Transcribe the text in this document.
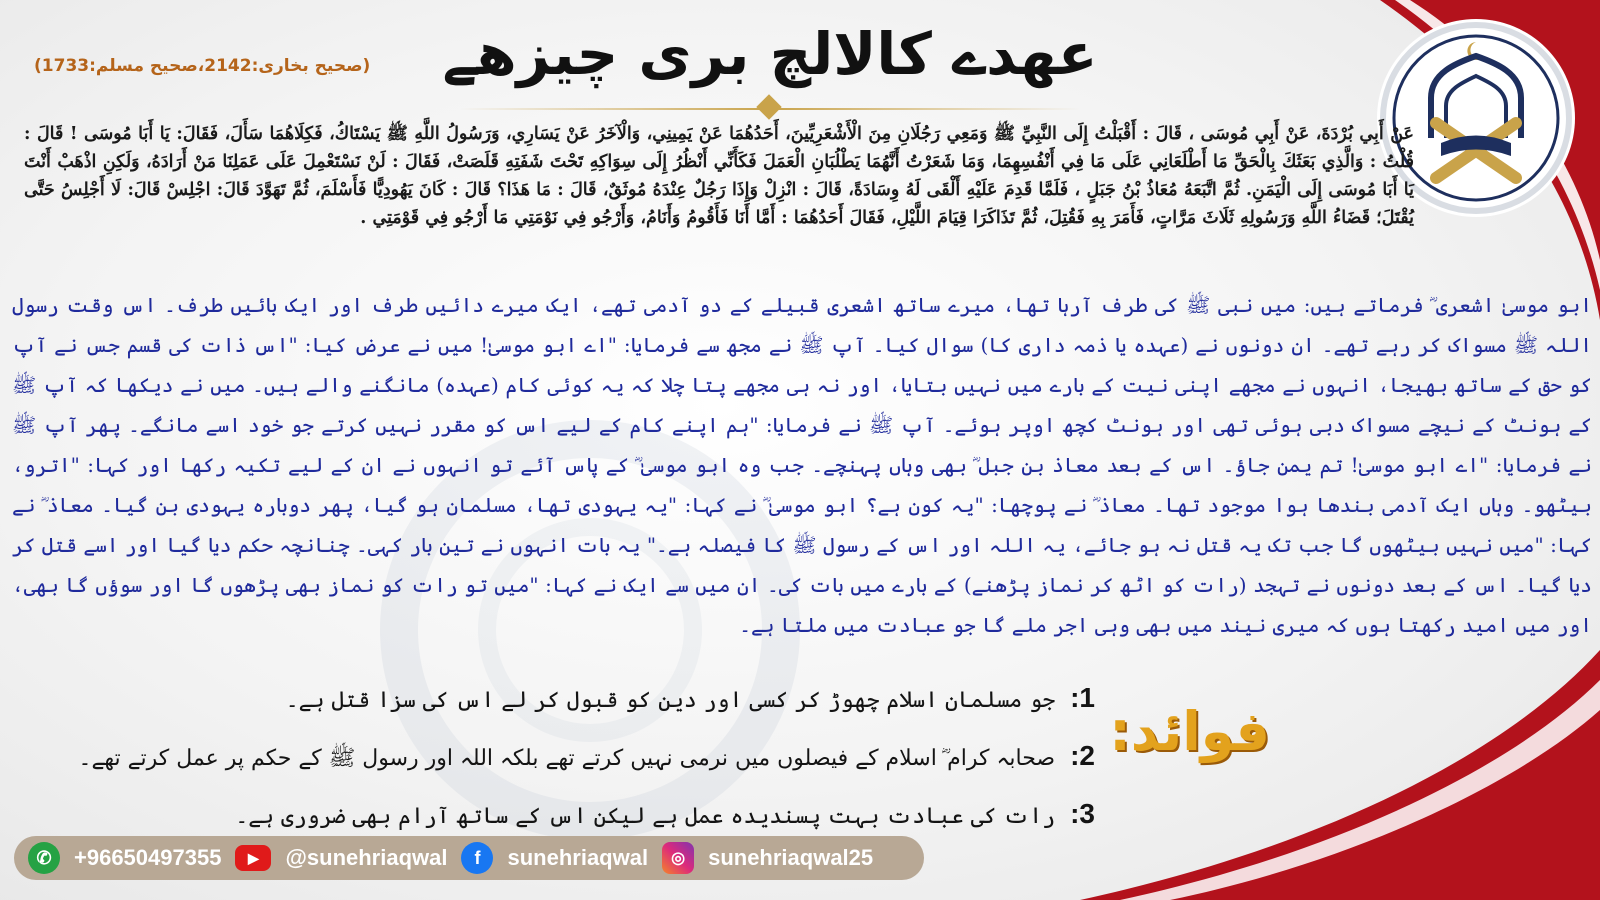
(صحیح بخاری:2142،صحیح مسلم:1733)	عھدے کالالچ بری چیزھے
عَنْ أَبِي بُرْدَةَ، عَنْ أَبِي مُوسَى ، قَالَ : أَقْبَلْتُ إِلَى النَّبِيِّ ﷺ وَمَعِي رَجُلَانِ مِنَ الْأَشْعَرِيِّينَ، أَحَدُهُمَا عَنْ يَمِينِي، وَالْآخَرُ عَنْ يَسَارِي، وَرَسُولُ اللَّهِ ﷺ يَسْتَاكُ، فَكِلَاهُمَا سَأَلَ، فَقَالَ: يَا أَبَا مُوسَى ! قَالَ : قُلْتُ : وَالَّذِي بَعَثَكَ بِالْحَقِّ مَا أَطْلَعَانِي عَلَى مَا فِي أَنْفُسِهِمَا، وَمَا شَعَرْتُ أَنَّهُمَا يَطْلُبَانِ الْعَمَلَ فَكَأَنِّي أَنْظُرُ إِلَى سِوَاكِهِ تَحْتَ شَفَتِهِ قَلَصَتْ، فَقَالَ : لَنْ نَسْتَعْمِلَ عَلَى عَمَلِنَا مَنْ أَرَادَهُ، وَلَكِنِ اذْهَبْ أَنْتَ يَا أَبَا مُوسَى إِلَى الْيَمَنِ. ثُمَّ اتَّبَعَهُ مُعَاذُ بْنُ جَبَلٍ ، فَلَمَّا قَدِمَ عَلَيْهِ أَلْقَى لَهُ وِسَادَةً، قَالَ : انْزِلْ وَإِذَا رَجُلٌ عِنْدَهُ مُوثَقٌ، قَالَ : مَا هَذَا؟ قَالَ : كَانَ يَهُودِيًّا فَأَسْلَمَ، ثُمَّ تَهَوَّدَ قَالَ: اجْلِسْ قَالَ: لَا أَجْلِسُ حَتَّى يُقْتَلَ؛ قَضَاءُ اللَّهِ وَرَسُولِهِ ثَلَاثَ مَرَّاتٍ، فَأَمَرَ بِهِ فَقُتِلَ، ثُمَّ تَذَاكَرَا قِيَامَ اللَّيْلِ، فَقَالَ أَحَدُهُمَا : أَمَّا أَنَا فَأَقُومُ وَأَنَامُ، وَأَرْجُو فِي نَوْمَتِي مَا أَرْجُو فِي قَوْمَتِي .
ابو موسیٰ اشعری ؓ فرماتے ہیں: میں نبی ﷺ کی طرف آرہا تھا، میرے ساتھ اشعری قبیلے کے دو آدمی تھے، ایک میرے دائیں طرف اور ایک بائیں طرف۔ اس وقت رسول اللہ ﷺ مسواک کر رہے تھے۔ ان دونوں نے (عہدہ یا ذمہ داری کا) سوال کیا۔ آپ ﷺ نے مجھ سے فرمایا: "اے ابو موسیٰ! میں نے عرض کیا: "اس ذات کی قسم جس نے آپ کو حق کے ساتھ بھیجا، انہوں نے مجھے اپنی نیت کے بارے میں نہیں بتایا، اور نہ ہی مجھے پتا چلا کہ یہ کوئی کام (عہدہ) مانگنے والے ہیں۔ میں نے دیکھا کہ آپ ﷺ کے ہونٹ کے نیچے مسواک دبی ہوئی تھی اور ہونٹ کچھ اوپر ہوئے۔ آپ ﷺ نے فرمایا: "ہم اپنے کام کے لیے اس کو مقرر نہیں کرتے جو خود اسے مانگے۔ پھر آپ ﷺ نے فرمایا: "اے ابو موسیٰ! تم یمن جاؤ۔ اس کے بعد معاذ بن جبل ؓ بھی وہاں پہنچے۔ جب وہ ابو موسیٰ ؓ کے پاس آئے تو انہوں نے ان کے لیے تکیہ رکھا اور کہا: "اترو، بیٹھو۔ وہاں ایک آدمی بندھا ہوا موجود تھا۔ معاذ ؓ نے پوچھا: "یہ کون ہے؟ ابو موسیٰ ؓ نے کہا: "یہ یہودی تھا، مسلمان ہو گیا، پھر دوبارہ یہودی بن گیا۔ معاذ ؓ نے کہا: "میں نہیں بیٹھوں گا جب تک یہ قتل نہ ہو جائے، یہ اللہ اور اس کے رسول ﷺ کا فیصلہ ہے۔" یہ بات انہوں نے تین بار کہی۔ چنانچہ حکم دیا گیا اور اسے قتل کر دیا گیا۔ اس کے بعد دونوں نے تہجد (رات کو اٹھ کر نماز پڑھنے) کے بارے میں بات کی۔ ان میں سے ایک نے کہا: "میں تو رات کو نماز بھی پڑھوں گا اور سوؤں گا بھی، اور میں امید رکھتا ہوں کہ میری نیند میں بھی وہی اجر ملے گا جو عبادت میں ملتا ہے۔
فوائد:
1: جو مسلمان اسلام چھوڑ کر کسی اور دین کو قبول کر لے اس کی سزا قتل ہے۔
2: صحابہ کرام ؓ اسلام کے فیصلوں میں نرمی نہیں کرتے تھے بلکہ اللہ اور رسول ﷺ کے حکم پر عمل کرتے تھے۔
3: رات کی عبادت بہت پسندیدہ عمل ہے لیکن اس کے ساتھ آرام بھی ضروری ہے۔
✆	+96650497355	▶	@sunehriaqwal	f	sunehriaqwal	◎	sunehriaqwal25
